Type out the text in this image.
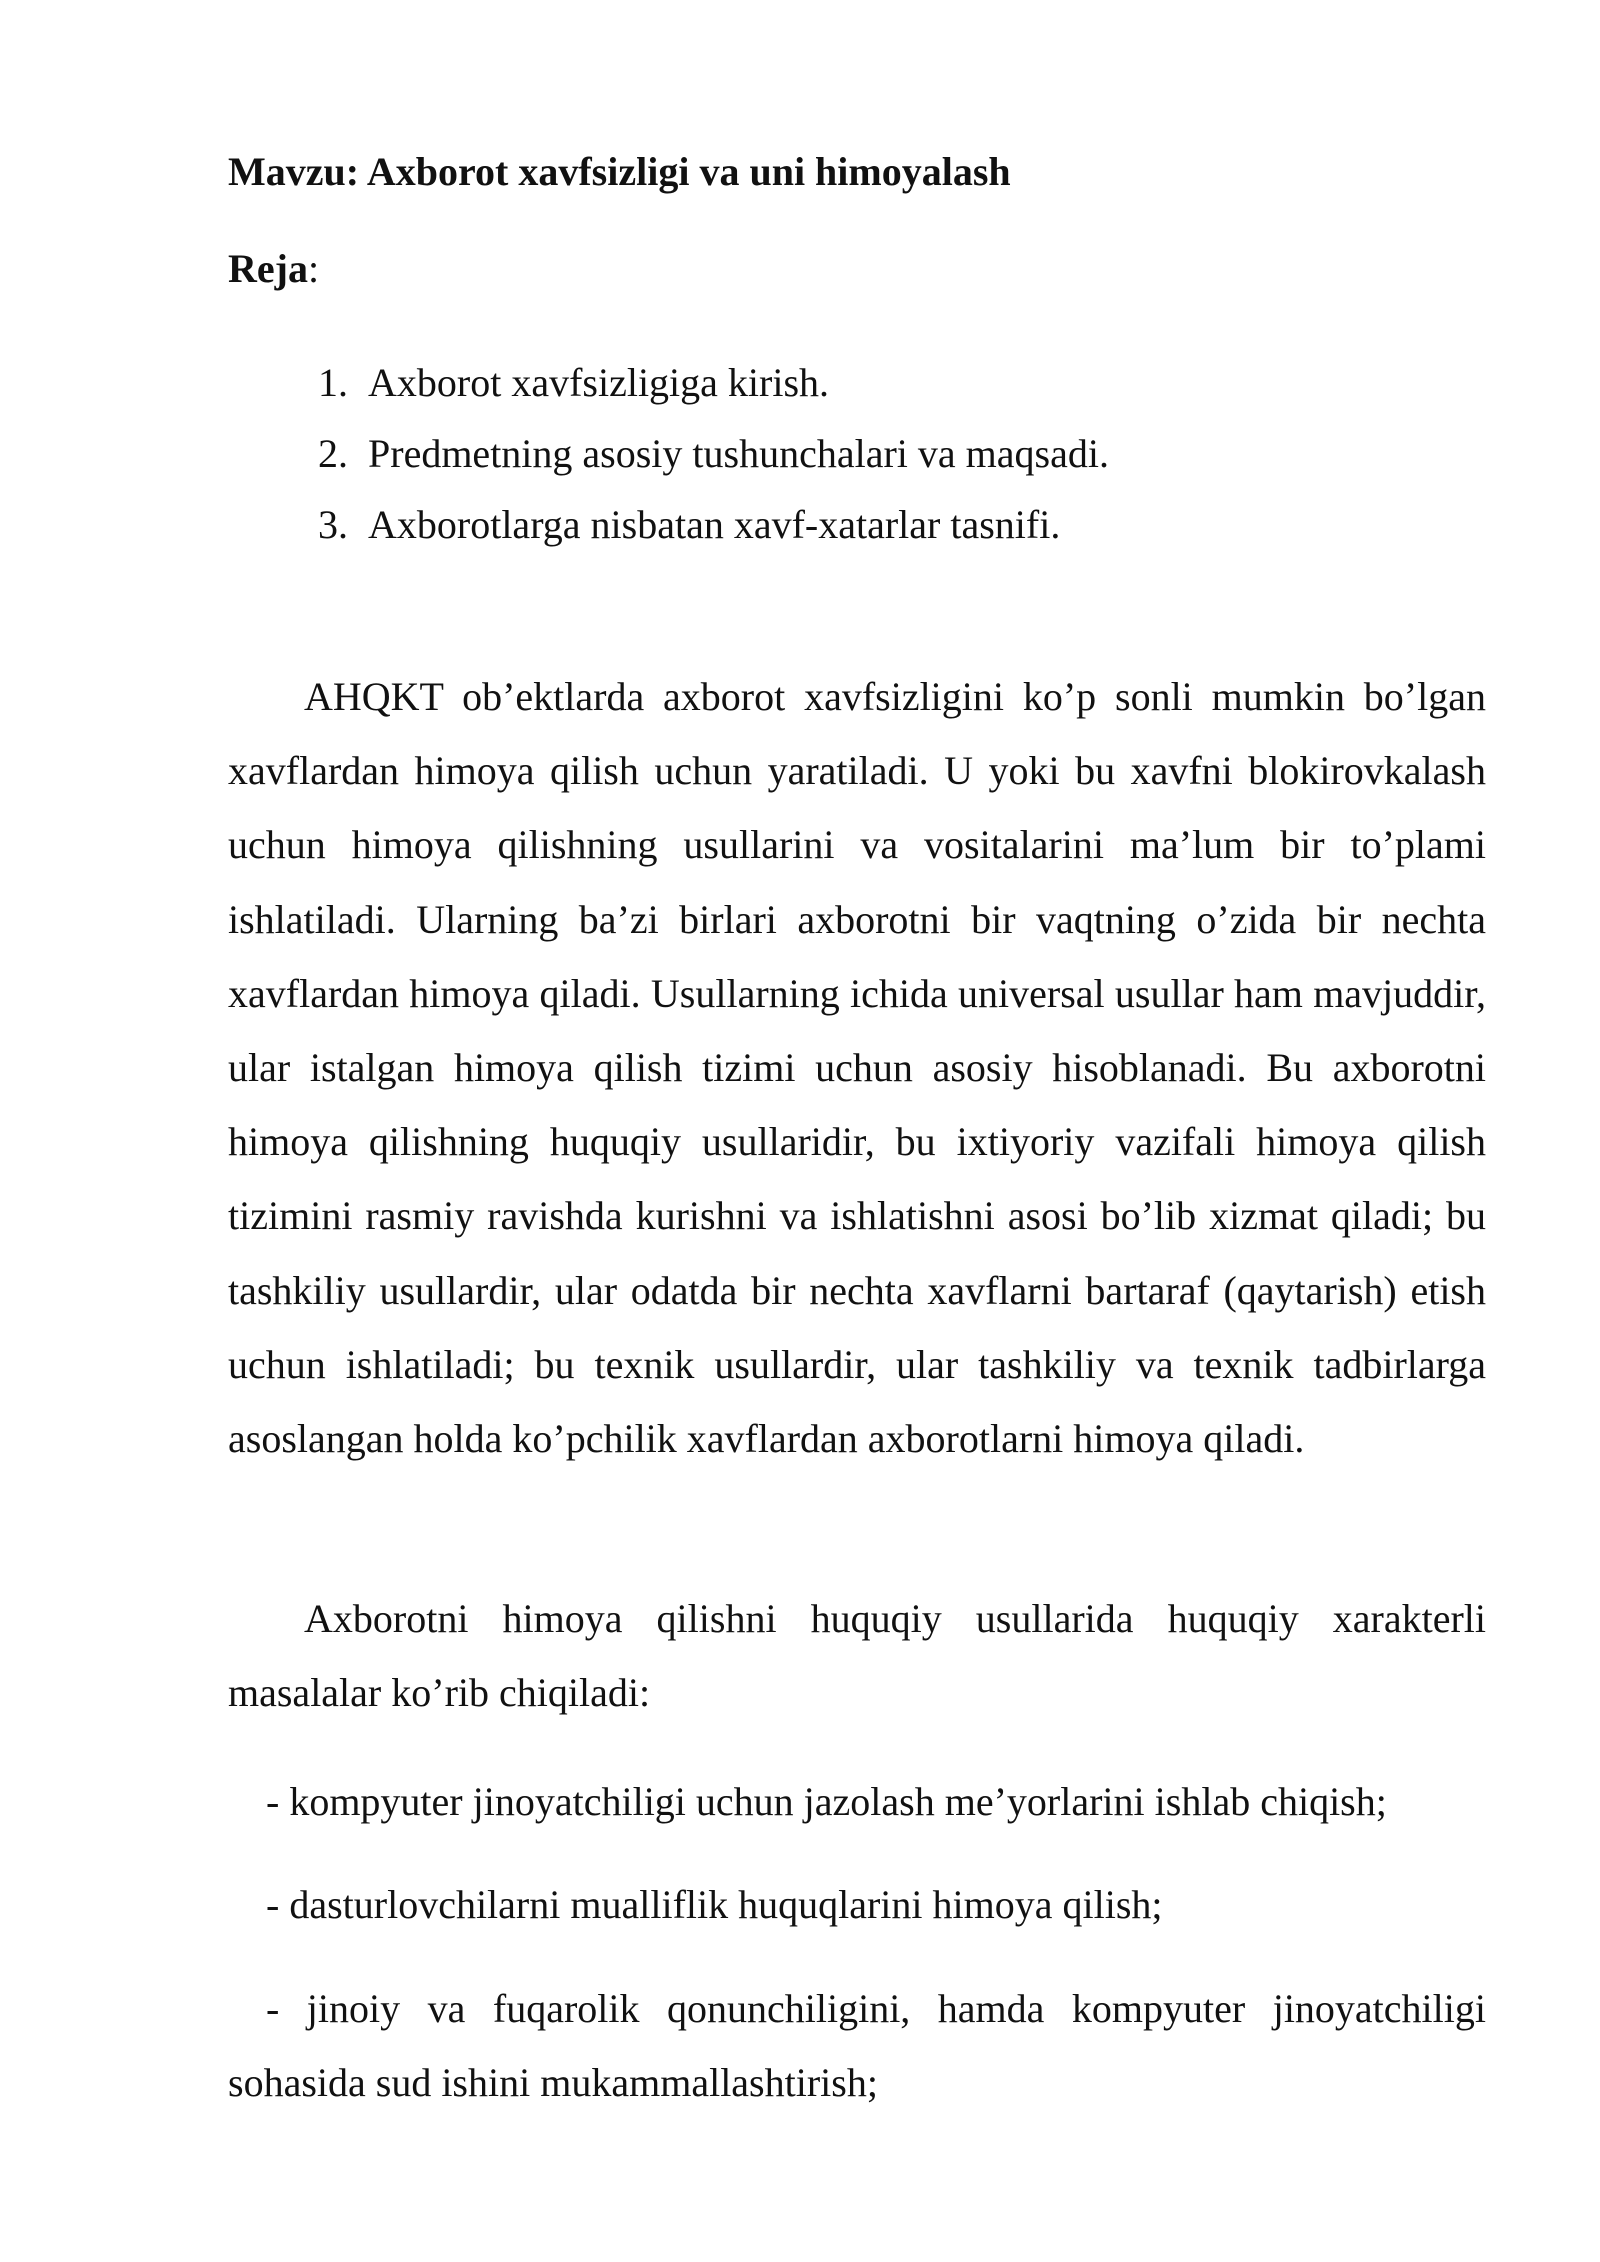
Mavzu: Axborot xavfsizligi va uni himoyalash
Reja:
1. Axborot xavfsizligiga kirish.
2. Predmetning asosiy tushunchalari va maqsadi.
3. Axborotlarga nisbatan xavf-xatarlar tasnifi.

AHQKT ob’ektlarda axborot xavfsizligini ko’p sonli mumkin bo’lgan xavflardan himoya qilish uchun yaratiladi. U yoki bu xavfni blokirovkalash uchun himoya qilishning usullarini va vositalarini ma’lum bir to’plami ishlatiladi. Ularning ba’zi birlari axborotni bir vaqtning o’zida bir nechta xavflardan himoya qiladi. Usullarning ichida universal usullar ham mavjuddir, ular istalgan himoya qilish tizimi uchun asosiy hisoblanadi. Bu axborotni himoya qilishning huquqiy usullaridir, bu ixtiyoriy vazifali himoya qilish tizimini rasmiy ravishda kurishni va ishlatishni asosi bo’lib xizmat qiladi; bu tashkiliy usullardir, ular odatda bir nechta xavflarni bartaraf (qaytarish) etish uchun ishlatiladi; bu texnik usullardir, ular tashkiliy va texnik tadbirlarga asoslangan holda ko’pchilik xavflardan axborotlarni himoya qiladi.

Axborotni himoya qilishni huquqiy usullarida huquqiy xarakterli masalalar ko’rib chiqiladi:

- kompyuter jinoyatchiligi uchun jazolash me’yorlarini ishlab chiqish;

- dasturlovchilarni mualliflik huquqlarini himoya qilish;

- jinoiy va fuqarolik qonunchiligini, hamda kompyuter jinoyatchiligi sohasida sud ishini mukammallashtirish;
